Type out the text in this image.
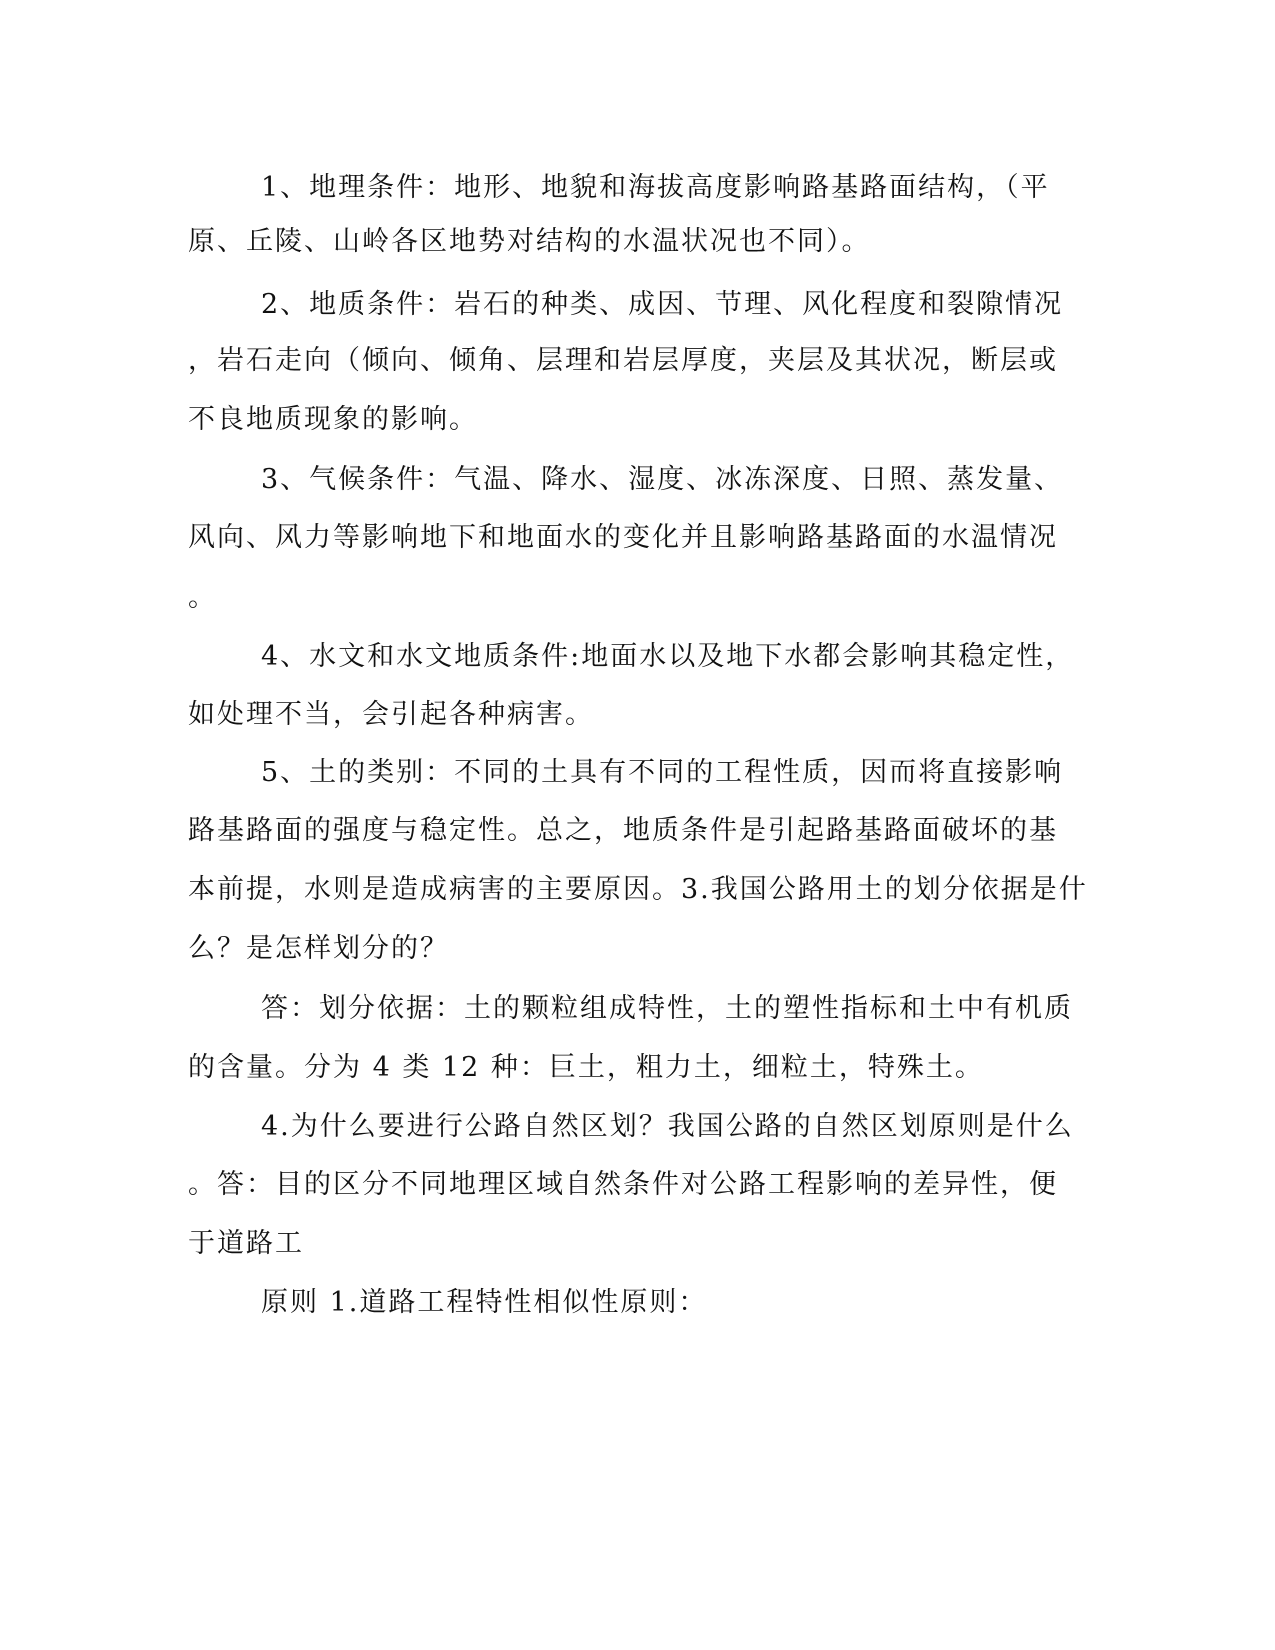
1、地理条件：地形、地貌和海拔高度影响路基路面结构，（平
原、丘陵、山岭各区地势对结构的水温状况也不同）。
2、地质条件：岩石的种类、成因、节理、风化程度和裂隙情况
，岩石走向（倾向、倾角、层理和岩层厚度，夹层及其状况，断层或
不良地质现象的影响。
3、气候条件：气温、降水、湿度、冰冻深度、日照、蒸发量、
风向、风力等影响地下和地面水的变化并且影响路基路面的水温情况
。
4、水文和水文地质条件:地面水以及地下水都会影响其稳定性，
如处理不当，会引起各种病害。
5、土的类别：不同的土具有不同的工程性质，因而将直接影响
路基路面的强度与稳定性。总之，地质条件是引起路基路面破坏的基
本前提，水则是造成病害的主要原因。3.我国公路用土的划分依据是什
么？是怎样划分的？
答：划分依据：土的颗粒组成特性，土的塑性指标和土中有机质
的含量。分为 4 类 12 种：巨土，粗力土，细粒土，特殊土。
4.为什么要进行公路自然区划？我国公路的自然区划原则是什么
。答：目的区分不同地理区域自然条件对公路工程影响的差异性，便
于道路工
原则 1.道路工程特性相似性原则：
